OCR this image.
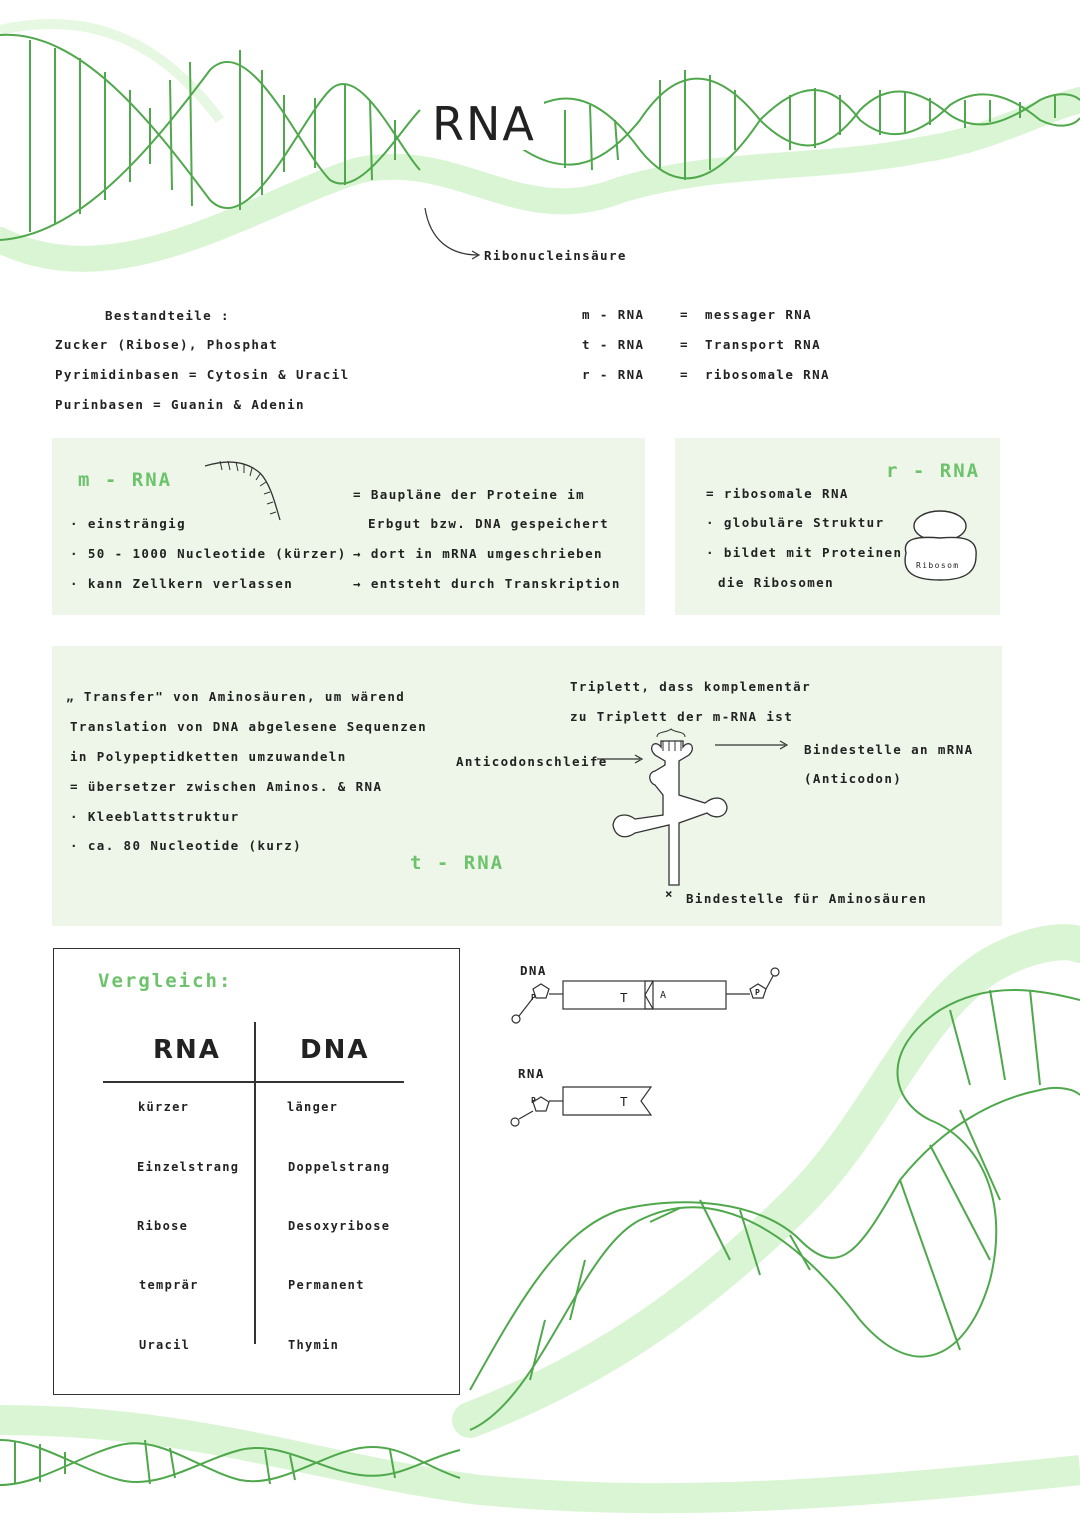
RNA
Ribonucleinsäure
Bestandteile :
Zucker (Ribose), Phosphat
Pyrimidinbasen = Cytosin & Uracil
Purinbasen = Guanin & Adenin
m - RNA	= messager RNA
t - RNA	= Transport RNA
r - RNA	= ribosomale RNA
m - RNA
· einsträngig
· 50 - 1000 Nucleotide (kürzer)
· kann Zellkern verlassen
= Baupläne der Proteine im
Erbgut bzw. DNA gespeichert
→ dort in mRNA umgeschrieben
→ entsteht durch Transkription
r - RNA
= ribosomale RNA
· globuläre Struktur
· bildet mit Proteinen
die Ribosomen
Ribosom
„ Transfer" von Aminosäuren, um wärend
Translation von DNA abgelesene Sequenzen
in Polypeptidketten umzuwandeln
= übersetzer zwischen Aminos. & RNA
· Kleeblattstruktur
· ca. 80 Nucleotide (kurz)
t - RNA
Triplett, dass komplementär
zu Triplett der m-RNA ist
Anticodonschleife
Bindestelle an mRNA
(Anticodon)
× Bindestelle für Aminosäuren
Vergleich:
RNA	DNA
kürzer	länger
Einzelstrang	Doppelstrang
Ribose	Desoxyribose
temprär	Permanent
Uracil	Thymin
DNA
RNA
P
P
P
T	A
T
